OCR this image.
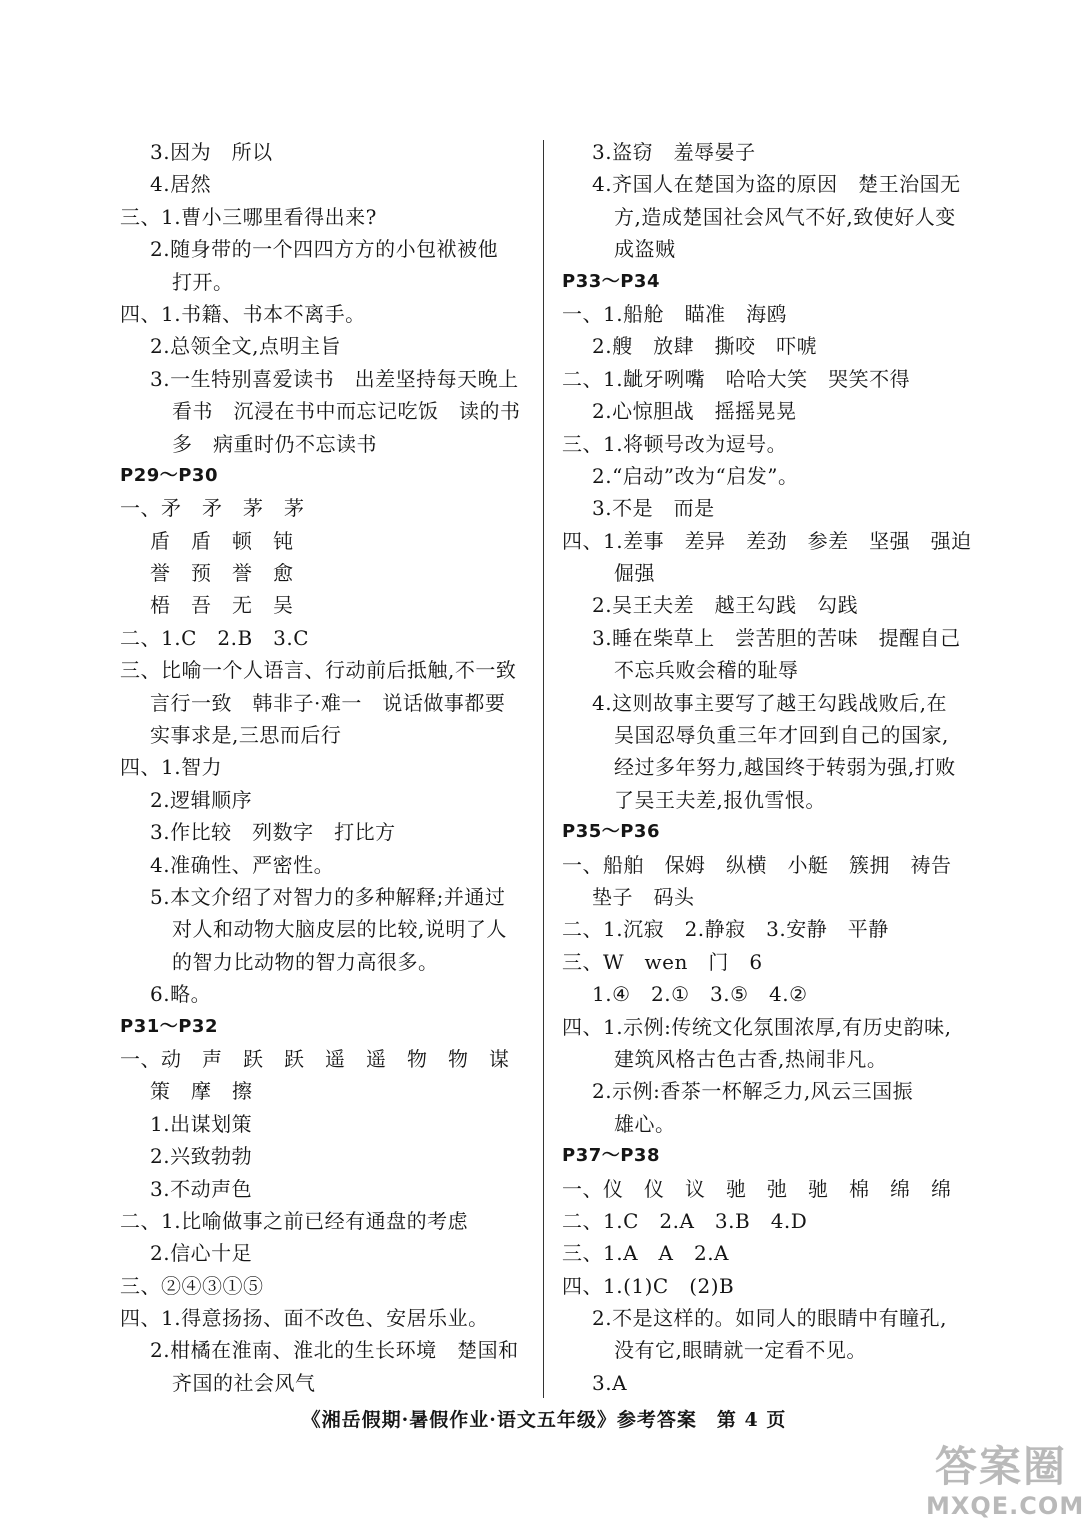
3.因为　所以
4.居然
三、1.曹小三哪里看得出来?
2.随身带的一个四四方方的小包袱被他
打开。
四、1.书籍、书本不离手。
2.总领全文,点明主旨
3.一生特别喜爱读书　出差坚持每天晚上
看书　沉浸在书中而忘记吃饭　读的书
多　病重时仍不忘读书
P29～P30
一、矛　矛　茅　茅
盾　盾　顿　钝
誉　预　誉　愈
梧　吾　无　吴
二、1.C　2.B　3.C
三、比喻一个人语言、行动前后抵触,不一致
言行一致　韩非子·难一　说话做事都要
实事求是,三思而后行
四、1.智力
2.逻辑顺序
3.作比较　列数字　打比方
4.准确性、严密性。
5.本文介绍了对智力的多种解释;并通过
对人和动物大脑皮层的比较,说明了人
的智力比动物的智力高很多。
6.略。
P31～P32
一、动　声　跃　跃　遥　遥　物　物　谋
策　摩　擦
1.出谋划策
2.兴致勃勃
3.不动声色
二、1.比喻做事之前已经有通盘的考虑
2.信心十足
三、②④③①⑤
四、1.得意扬扬、面不改色、安居乐业。
2.柑橘在淮南、淮北的生长环境　楚国和
齐国的社会风气
3.盗窃　羞辱晏子
4.齐国人在楚国为盗的原因　楚王治国无
方,造成楚国社会风气不好,致使好人变
成盗贼
P33～P34
一、1.船舱　瞄准　海鸥
2.艘　放肆　撕咬　吓唬
二、1.龇牙咧嘴　哈哈大笑　哭笑不得
2.心惊胆战　摇摇晃晃
三、1.将顿号改为逗号。
2.“启动”改为“启发”。
3.不是　而是
四、1.差事　差异　差劲　参差　坚强　强迫
倔强
2.吴王夫差　越王勾践　勾践
3.睡在柴草上　尝苦胆的苦味　提醒自己
不忘兵败会稽的耻辱
4.这则故事主要写了越王勾践战败后,在
吴国忍辱负重三年才回到自己的国家,
经过多年努力,越国终于转弱为强,打败
了吴王夫差,报仇雪恨。
P35～P36
一、船舶　保姆　纵横　小艇　簇拥　祷告
垫子　码头
二、1.沉寂　2.静寂　3.安静　平静
三、W　wen　门　6
1.④　2.①　3.⑤　4.②
四、1.示例:传统文化氛围浓厚,有历史韵味,
建筑风格古色古香,热闹非凡。
2.示例:香茶一杯解乏力,风云三国振
雄心。
P37～P38
一、仪　仪　议　驰　弛　驰　棉　绵　绵
二、1.C　2.A　3.B　4.D
三、1.A　A　2.A
四、1.(1)C　(2)B
2.不是这样的。如同人的眼睛中有瞳孔,
没有它,眼睛就一定看不见。
3.A
《湘岳假期·暑假作业·语文五年级》参考答案　第 4 页
答案圈
MXQE.COM
